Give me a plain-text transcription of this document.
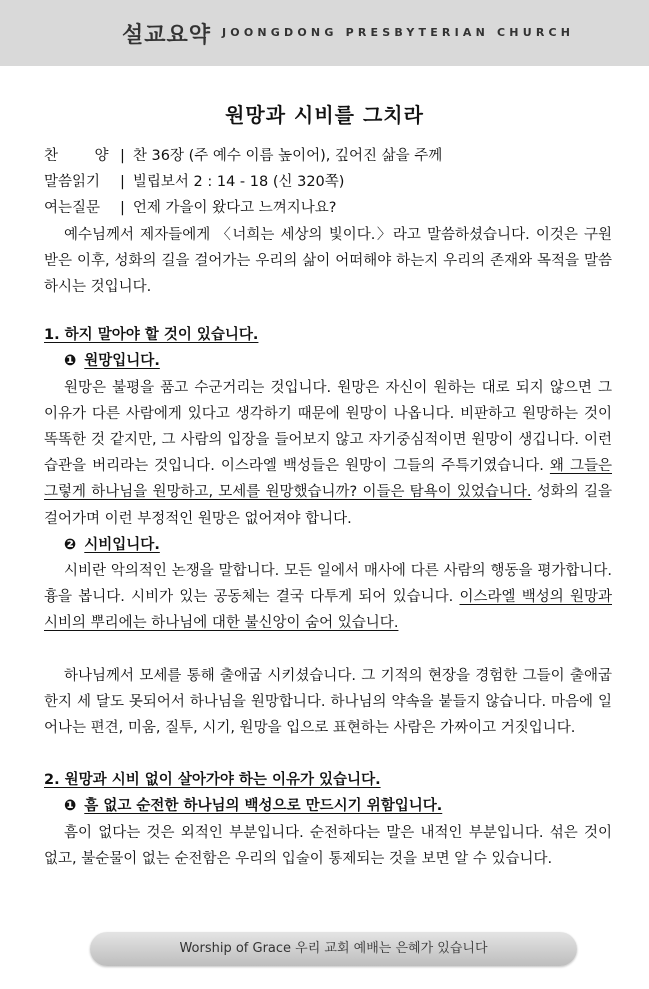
설교요약 JOONGDONG PRESBYTERIAN CHURCH
원망과 시비를 그치라
찬　양 | 찬 36장 (주 예수 이름 높이어), 깊어진 삶을 주께
말씀읽기	| 빌립보서 2 : 14 - 18 (신 320쪽)
여는질문	| 언제 가을이 왔다고 느껴지나요?

예수님께서 제자들에게 〈너희는 세상의 빛이다.〉라고 말씀하셨습니다. 이것은 구원 받은 이후, 성화의 길을 걸어가는 우리의 삶이 어떠해야 하는지 우리의 존재와 목적을 말씀하시는 것입니다.

1. 하지 말아야 할 것이 있습니다.
❶ 원망입니다.

원망은 불평을 품고 수군거리는 것입니다. 원망은 자신이 원하는 대로 되지 않으면 그 이유가 다른 사람에게 있다고 생각하기 때문에 원망이 나옵니다. 비판하고 원망하는 것이 똑똑한 것 같지만, 그 사람의 입장을 들어보지 않고 자기중심적이면 원망이 생깁니다. 이런 습관을 버리라는 것입니다. 이스라엘 백성들은 원망이 그들의 주특기였습니다. 왜 그들은 그렇게 하나님을 원망하고, 모세를 원망했습니까? 이들은 탐욕이 있었습니다. 성화의 길을 걸어가며 이런 부정적인 원망은 없어져야 합니다.

❷ 시비입니다.

시비란 악의적인 논쟁을 말합니다. 모든 일에서 매사에 다른 사람의 행동을 평가합니다. 흉을 봅니다. 시비가 있는 공동체는 결국 다투게 되어 있습니다. 이스라엘 백성의 원망과 시비의 뿌리에는 하나님에 대한 불신앙이 숨어 있습니다.

하나님께서 모세를 통해 출애굽 시키셨습니다. 그 기적의 현장을 경험한 그들이 출애굽 한지 세 달도 못되어서 하나님을 원망합니다. 하나님의 약속을 붙들지 않습니다. 마음에 일어나는 편견, 미움, 질투, 시기, 원망을 입으로 표현하는 사람은 가짜이고 거짓입니다.

2. 원망과 시비 없이 살아가야 하는 이유가 있습니다.
❶ 흠 없고 순전한 하나님의 백성으로 만드시기 위함입니다.

흠이 없다는 것은 외적인 부분입니다. 순전하다는 말은 내적인 부분입니다. 섞은 것이 없고, 불순물이 없는 순전함은 우리의 입술이 통제되는 것을 보면 알 수 있습니다.

Worship of Grace 우리 교회 예배는 은혜가 있습니다
